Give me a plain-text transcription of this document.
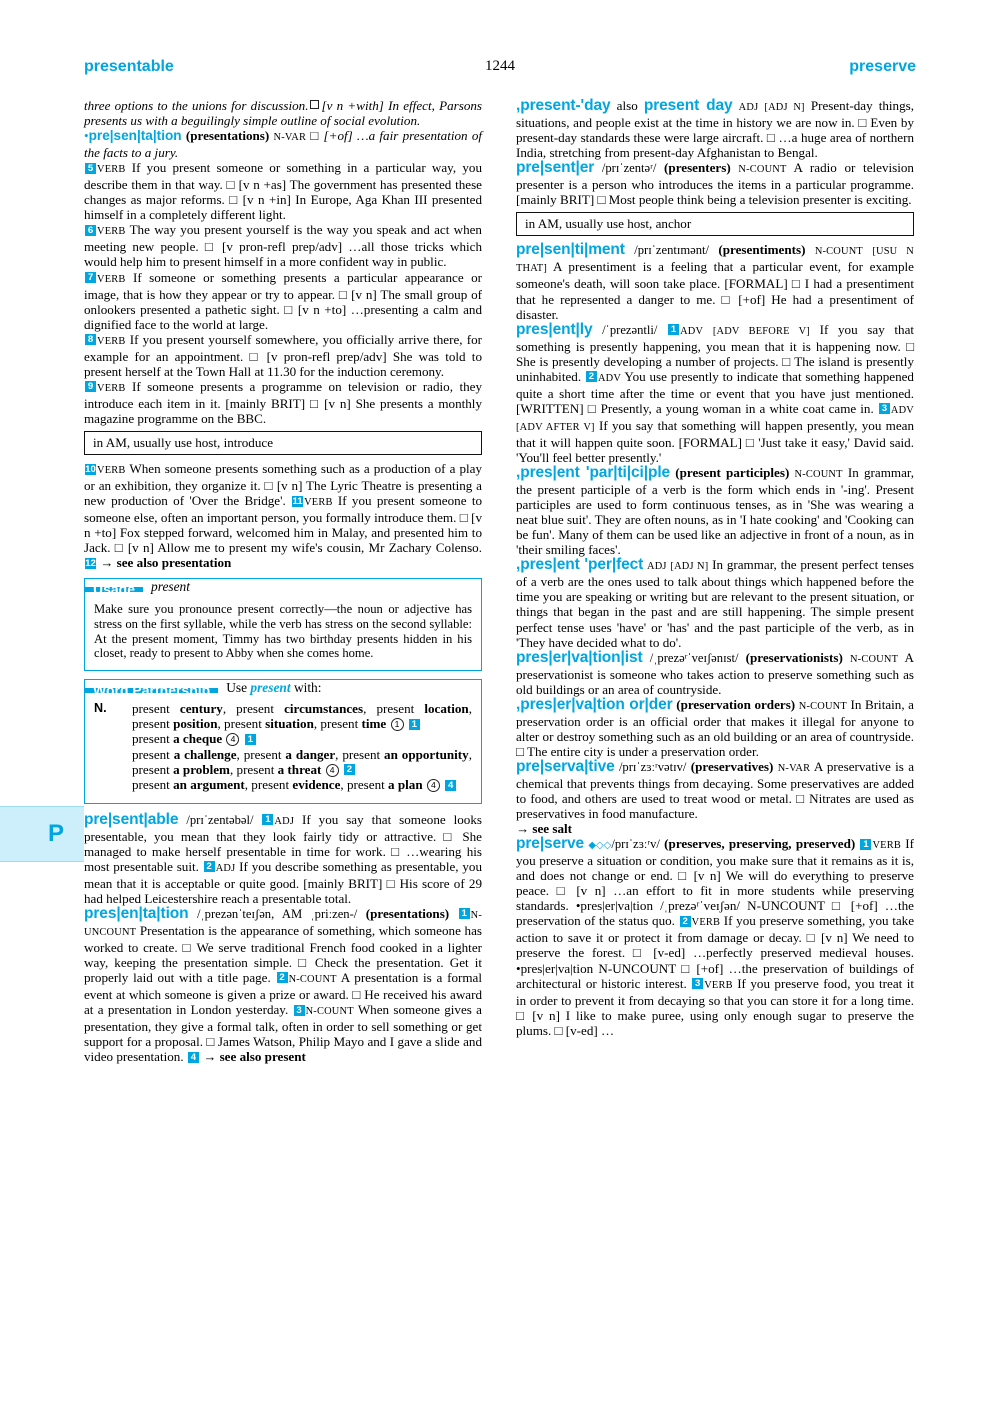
presentable	1244	preserve
P

three options to the unions for discussion. [v n +with] In effect, Parsons presents us with a beguilingly simple outline of social evolution.

•pre|sen|ta|tion (presentations) N-VAR □ [+of] …a fair presentation of the facts to a jury.

5 VERB If you present someone or something in a particular way, you describe them in that way. □ [v n +as] The government has presented these changes as major reforms. □ [v n +in] In Europe, Aga Khan III presented himself in a completely different light.

6 VERB The way you present yourself is the way you speak and act when meeting new people. □ [v pron-refl prep/adv] …all those tricks which would help him to present himself in a more confident way in public.

7 VERB If someone or something presents a particular appearance or image, that is how they appear or try to appear. □ [v n] The small group of onlookers presented a pathetic sight. □ [v n +to] …presenting a calm and dignified face to the world at large.

8 VERB If you present yourself somewhere, you officially arrive there, for example for an appointment. □ [v pron-refl prep/adv] She was told to present herself at the Town Hall at 11.30 for the induction ceremony.

9 VERB If someone presents a programme on television or radio, they introduce each item in it. [mainly BRIT] □ [v n] She presents a monthly magazine programme on the BBC.

in AM, usually use host, introduce

10VERB When someone presents something such as a production of a play or an exhibition, they organize it. □ [v n] The Lyric Theatre is presenting a new production of 'Over the Bridge'. 11VERB If you present someone to someone else, often an important person, you formally introduce them. □ [v n +to] Fox stepped forward, welcomed him in Malay, and presented him to Jack. □ [v n] Allow me to present my wife's cousin, Mr Zachary Colenso. 12 → see also presentation

Usage present
Make sure you pronounce present correctly—the noun or adjective has stress on the first syllable, while the verb has stress on the second syllable: At the present moment, Timmy has two birthday presents hidden in his closet, ready to present to Abby when she comes home.
Word Partnership Use present with:
N.	present century, present circumstances, present location, present position, present situation, present time 1 1
present a cheque 4 1
present a challenge, present a danger, present an opportunity, present a problem, present a threat 4 2
present an argument, present evidence, present a plan 4 4

pre|sent|able /prɪˈzentəbəl/ 1 ADJ If you say that someone looks presentable, you mean that they look fairly tidy or attractive. □ She managed to make herself presentable in time for work. □ …wearing his most presentable suit. 2 ADJ If you describe something as presentable, you mean that it is acceptable or quite good. [mainly BRIT] □ His score of 29 had helped Leicestershire reach a presentable total.

pres|en|ta|tion /ˌprezənˈteɪʃən, AM ˌpriːzen-/ (presentations) 1 N-UNCOUNT Presentation is the appearance of something, which someone has worked to create. □ We serve traditional French food cooked in a lighter way, keeping the presentation simple. □ Check the presentation. Get it properly laid out with a title page. 2 N-COUNT A presentation is a formal event at which someone is given a prize or award. □ He received his award at a presentation in London yesterday. 3 N-COUNT When someone gives a presentation, they give a formal talk, often in order to sell something or get support for a proposal. □ James Watson, Philip Mayo and I gave a slide and video presentation. 4 → see also present

,present-'day also present day ADJ [ADJ N] Present-day things, situations, and people exist at the time in history we are now in. □ Even by present-day standards these were large aircraft. □ …a huge area of northern India, stretching from present-day Afghanistan to Bengal.

pre|sent|er /prɪˈzentəʳ/ (presenters) N-COUNT A radio or television presenter is a person who introduces the items in a particular programme. [mainly BRIT] □ Most people think being a television presenter is exciting.

in AM, usually use host, anchor

pre|sen|ti|ment /prɪˈzentɪmənt/ (presentiments) N-COUNT [USU N THAT] A presentiment is a feeling that a particular event, for example someone's death, will soon take place. [FORMAL] □ I had a presentiment that he represented a danger to me. □ [+of] He had a presentiment of disaster.

pres|ent|ly /ˈprezəntli/ 1 ADV [ADV BEFORE V] If you say that something is presently happening, you mean that it is happening now. □ She is presently developing a number of projects. □ The island is presently uninhabited. 2 ADV You use presently to indicate that something happened quite a short time after the time or event that you have just mentioned. [WRITTEN] □ Presently, a young woman in a white coat came in. 3 ADV [ADV AFTER V] If you say that something will happen presently, you mean that it will happen quite soon. [FORMAL] □ 'Just take it easy,' David said. 'You'll feel better presently.'

,pres|ent 'par|ti|ci|ple (present participles) N-COUNT In grammar, the present participle of a verb is the form which ends in '-ing'. Present participles are used to form continuous tenses, as in 'She was wearing a neat blue suit'. They are often nouns, as in 'I hate cooking' and 'Cooking can be fun'. Many of them can be used like an adjective in front of a noun, as in 'their smiling faces'.

,pres|ent 'per|fect ADJ [ADJ N] In grammar, the present perfect tenses of a verb are the ones used to talk about things which happened before the time you are speaking or writing but are relevant to the present situation, or things that began in the past and are still happening. The simple present perfect tense uses 'have' or 'has' and the past participle of the verb, as in 'They have decided what to do'.

pres|er|va|tion|ist /ˌprezəʳˈveɪʃənɪst/ (preservationists) N-COUNT A preservationist is someone who takes action to preserve something such as old buildings or an area of countryside.

,pres|er|va|tion or|der (preservation orders) N-COUNT In Britain, a preservation order is an official order that makes it illegal for anyone to alter or destroy something such as an old building or an area of countryside. □ The entire city is under a preservation order.

pre|serva|tive /prɪˈzɜːʳvətɪv/ (preservatives) N-VAR A preservative is a chemical that prevents things from decaying. Some preservatives are added to food, and others are used to treat wood or metal. □ Nitrates are used as preservatives in food manufacture.

→ see salt

pre|serve ◆◇◇/prɪˈzɜːʳv/ (preserves, preserving, preserved) 1 VERB If you preserve a situation or condition, you make sure that it remains as it is, and does not change or end. □ [v n] We will do everything to preserve peace. □ [v n] …an effort to fit in more students while preserving standards. •pres|er|va|tion /ˌprezəʳˈveɪʃən/ N-UNCOUNT □ [+of] …the preservation of the status quo. 2 VERB If you preserve something, you take action to save it or protect it from damage or decay. □ [v n] We need to preserve the forest. □ [v-ed] …perfectly preserved medieval houses. •pres|er|va|tion N-UNCOUNT □ [+of] …the preservation of buildings of architectural or historic interest. 3 VERB If you preserve food, you treat it in order to prevent it from decaying so that you can store it for a long time. □ [v n] I like to make puree, using only enough sugar to preserve the plums. □ [v-ed] …
